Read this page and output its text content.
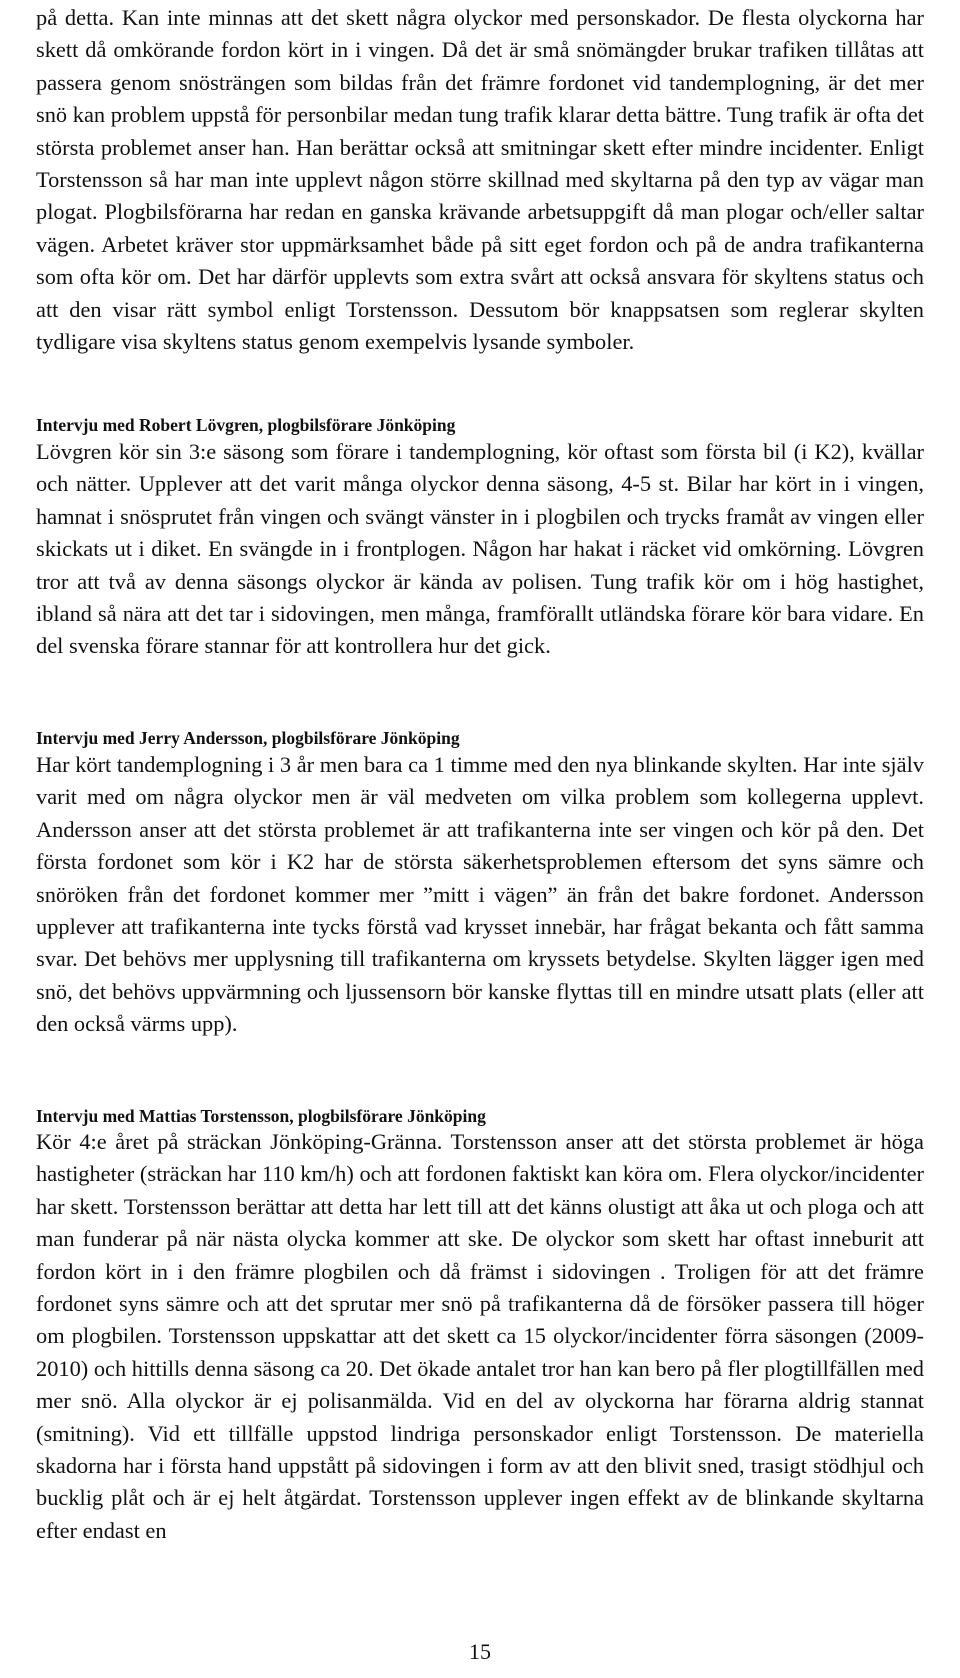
på detta. Kan inte minnas att det skett några olyckor med personskador. De flesta olyckorna har skett då omkörande fordon kört in i vingen. Då det är små snömängder brukar trafiken tillåtas att passera genom snösträngen som bildas från det främre fordonet vid tandemplogning, är det mer snö kan problem uppstå för personbilar medan tung trafik klarar detta bättre. Tung trafik är ofta det största problemet anser han. Han berättar också att smitningar skett efter mindre incidenter. Enligt Torstensson så har man inte upplevt någon större skillnad med skyltarna på den typ av vägar man plogat. Plogbilsförarna har redan en ganska krävande arbetsuppgift då man plogar och/eller saltar vägen. Arbetet kräver stor uppmärksamhet både på sitt eget fordon och på de andra trafikanterna som ofta kör om. Det har därför upplevts som extra svårt att också ansvara för skyltens status och att den visar rätt symbol enligt Torstensson. Dessutom bör knappsatsen som reglerar skylten tydligare visa skyltens status genom exempelvis lysande symboler.

Intervju med Robert Lövgren, plogbilsförare Jönköping

Lövgren kör sin 3:e säsong som förare i tandemplogning, kör oftast som första bil (i K2), kvällar och nätter. Upplever att det varit många olyckor denna säsong, 4-5 st. Bilar har kört in i vingen, hamnat i snösprutet från vingen och svängt vänster in i plogbilen och trycks framåt av vingen eller skickats ut i diket. En svängde in i frontplogen. Någon har hakat i räcket vid omkörning. Lövgren tror att två av denna säsongs olyckor är kända av polisen. Tung trafik kör om i hög hastighet, ibland så nära att det tar i sidovingen, men många, framförallt utländska förare kör bara vidare. En del svenska förare stannar för att kontrollera hur det gick.

Intervju med Jerry Andersson, plogbilsförare Jönköping

Har kört tandemplogning i 3 år men bara ca 1 timme med den nya blinkande skylten. Har inte själv varit med om några olyckor men är väl medveten om vilka problem som kollegerna upplevt. Andersson anser att det största problemet är att trafikanterna inte ser vingen och kör på den. Det första fordonet som kör i K2 har de största säkerhetsproblemen eftersom det syns sämre och snöröken från det fordonet kommer mer ”mitt i vägen” än från det bakre fordonet. Andersson upplever att trafikanterna inte tycks förstå vad krysset innebär, har frågat bekanta och fått samma svar. Det behövs mer upplysning till trafikanterna om kryssets betydelse. Skylten lägger igen med snö, det behövs uppvärmning och ljussensorn bör kanske flyttas till en mindre utsatt plats (eller att den också värms upp).

Intervju med Mattias Torstensson, plogbilsförare Jönköping

Kör 4:e året på sträckan Jönköping-Gränna. Torstensson anser att det största problemet är höga hastigheter (sträckan har 110 km/h) och att fordonen faktiskt kan köra om. Flera olyckor/incidenter har skett. Torstensson berättar att detta har lett till att det känns olustigt att åka ut och ploga och att man funderar på när nästa olycka kommer att ske. De olyckor som skett har oftast inneburit att fordon kört in i den främre plogbilen och då främst i sidovingen . Troligen för att det främre fordonet syns sämre och att det sprutar mer snö på trafikanterna då de försöker passera till höger om plogbilen. Torstensson uppskattar att det skett ca 15 olyckor/incidenter förra säsongen (2009-2010) och hittills denna säsong ca 20. Det ökade antalet tror han kan bero på fler plogtillfällen med mer snö. Alla olyckor är ej polisanmälda. Vid en del av olyckorna har förarna aldrig stannat (smitning). Vid ett tillfälle uppstod lindriga personskador enligt Torstensson. De materiella skadorna har i första hand uppstått på sidovingen i form av att den blivit sned, trasigt stödhjul och bucklig plåt och är ej helt åtgärdat. Torstensson upplever ingen effekt av de blinkande skyltarna efter endast en

15
